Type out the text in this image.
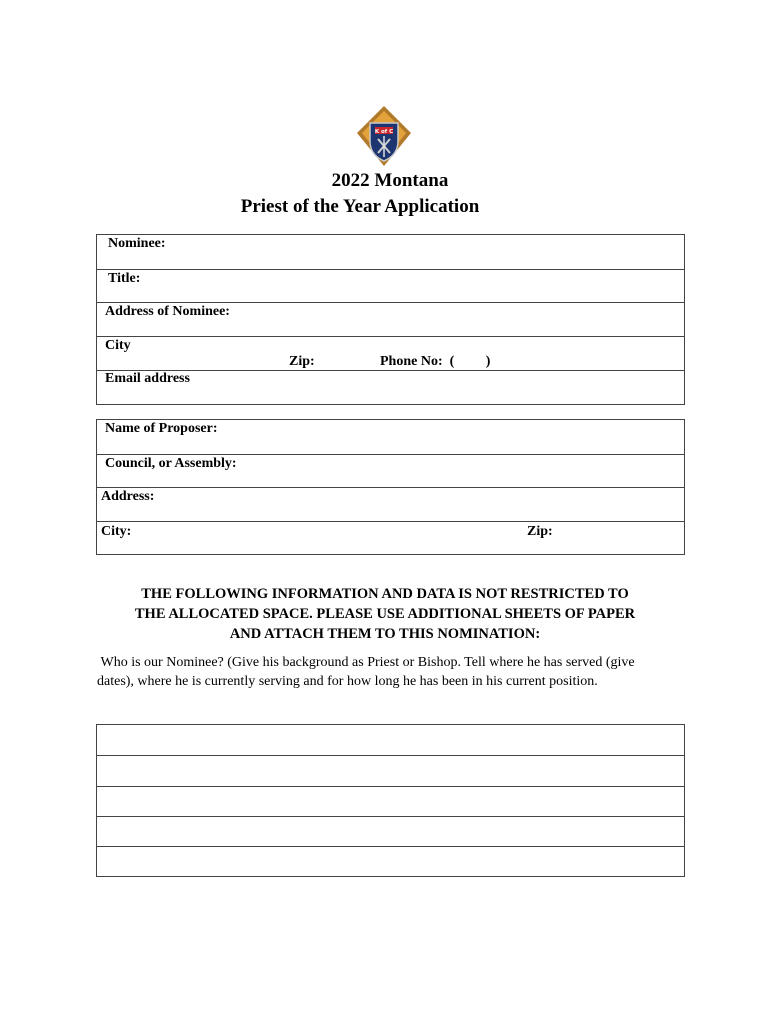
K of C
2022 Montana
Priest of the Year Application
Nominee:
Title:
Address of Nominee:
City
Zip:	Phone No:  (         )
Email address
Name of Proposer:
Council, or Assembly:
Address:
City:	Zip:
THE FOLLOWING INFORMATION AND DATA IS NOT RESTRICTED TO
THE ALLOCATED SPACE. PLEASE USE ADDITIONAL SHEETS OF PAPER
AND ATTACH THEM TO THIS NOMINATION:
Who is our Nominee? (Give his background as Priest or Bishop. Tell where he has served (give dates), where he is currently serving and for how long he has been in his current position.
